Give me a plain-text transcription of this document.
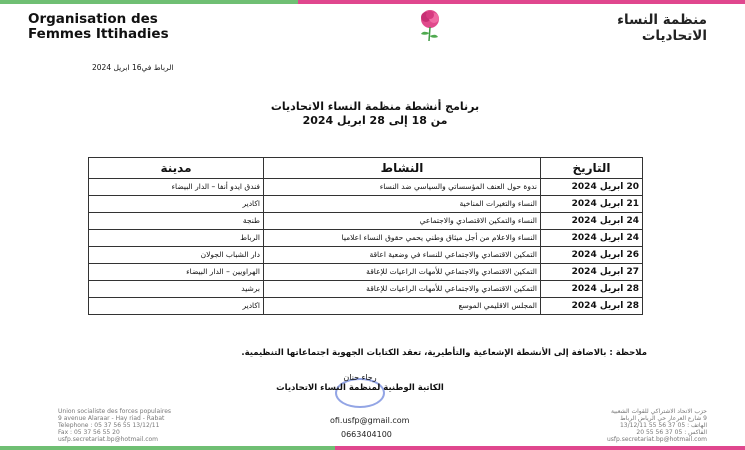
Organisation des
Femmes Ittihadies
منظمة النساء
الاتحاديات
الرباط في16 ابريل 2024
برنامج أنشطة منظمة النساء الاتحاديات
من 18 إلى 28 ابريل 2024
التاريخ	النشاط	مدينة
20 ابريل 2024	ندوة حول العنف المؤسساتي والسياسي ضد النساء	فندق ايدو أنفا – الدار البيضاء
21 ابريل 2024	النساء والتغيرات المناخية	اكادير
24 ابريل 2024	النساء والتمكين الاقتصادي والاجتماعي	طنجة
24 ابريل 2024	النساء والاعلام من أجل ميثاق وطني يحمي حقوق النساء اعلاميا	الرباط
26 ابريل 2024	التمكين الاقتصادي والاجتماعي للنساء في وضعية اعاقة	دار الشباب الجولان
27 ابريل 2024	التمكين الاقتصادي والاجتماعي للأمهات الراعيات للإعاقة	الهراويين – الدار البيضاء
28 ابريل 2024	التمكين الاقتصادي والاجتماعي للأمهات الراعيات للإعاقة	برشيد
28 ابريل 2024	المجلس الاقليمي الموسع	اكادير
ملاحظة : بالاضافة إلى الأنشطة الإشعاعية والتأطيرية، تعقد الكتابات الجهوية اجتماعاتها التنظيمية.
رجاء حنان
الكاتبة الوطنية لمنظمة النساء الاتحاديات
ofi.usfp@gmail.com
0663404100
Union socialiste des forces populaires
9 avenue Alaraar - Hay riad - Rabat
Telephone : 05 37 56 55 13/12/11
Fax : 05 37 56 55 20
usfp.secretariat.bp@hotmail.com
حزب الاتحاد الاشتراكي للقوات الشعبية
9 شارع العرعار حي الرياض الرباط
الهاتف : 05 37 56 55 13/12/11
الفاكس : 05 37 56 55 20
usfp.secretariat.bp@hotmail.com
